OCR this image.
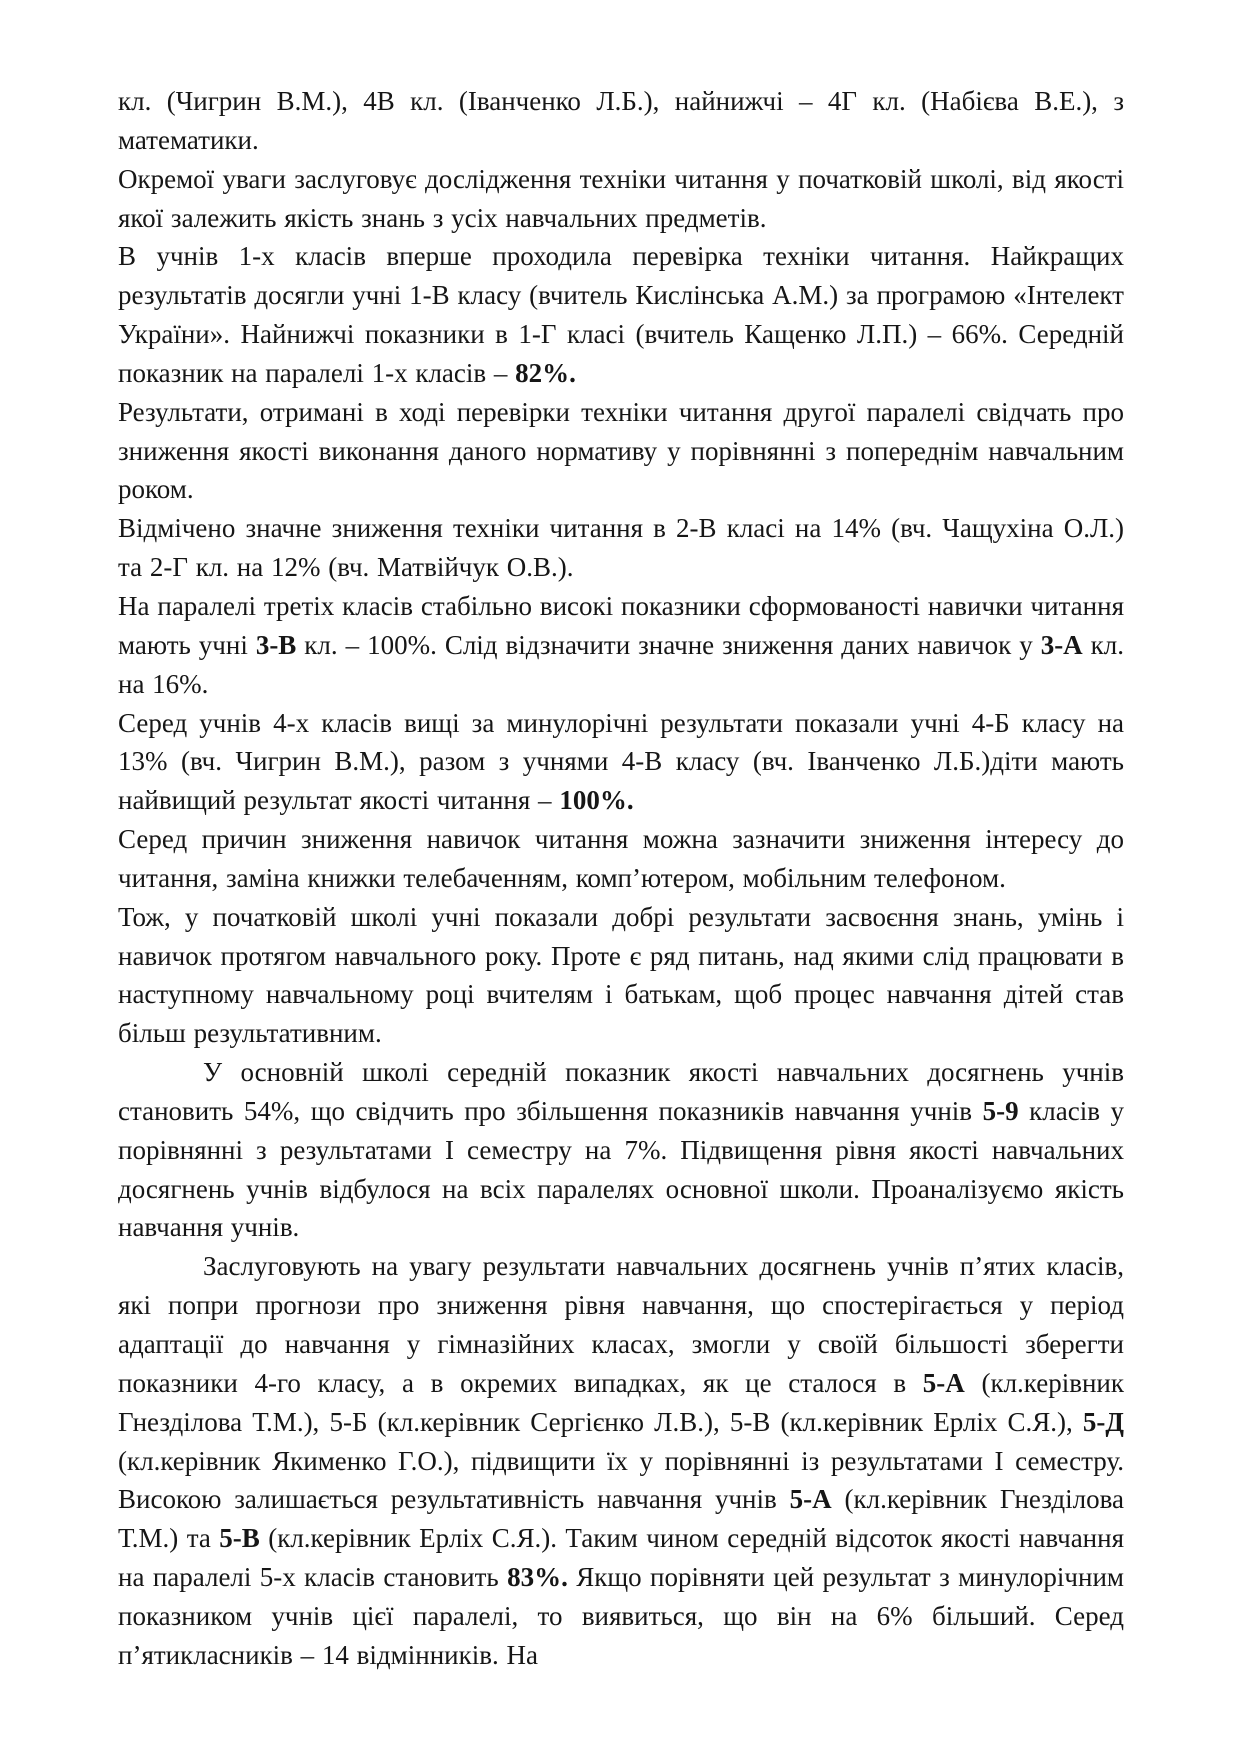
кл. (Чигрин В.М.), 4В кл. (Іванченко Л.Б.), найнижчі – 4Г кл. (Набієва В.Е.), з математики.

Окремої уваги заслуговує дослідження техніки читання у початковій школі, від якості якої залежить якість знань з усіх навчальних предметів.

В учнів 1-х класів вперше проходила перевірка техніки читання. Найкращих результатів досягли учні 1-В класу (вчитель Кислінська А.М.) за програмою «Інтелект України». Найнижчі показники в 1-Г класі (вчитель Кащенко Л.П.) – 66%. Середній показник на паралелі 1-х класів – 82%.

Результати, отримані в ході перевірки техніки читання другої паралелі свідчать про зниження якості виконання даного нормативу у порівнянні з попереднім навчальним роком.

Відмічено значне зниження техніки читання в 2-В класі на 14% (вч. Чащухіна О.Л.) та 2-Г кл. на 12% (вч. Матвійчук О.В.).

На паралелі третіх класів стабільно високі показники сформованості навички читання мають учні 3-В кл. – 100%. Слід відзначити значне зниження даних навичок у 3-А кл. на 16%.

Серед учнів 4-х класів вищі за минулорічні результати показали учні 4-Б класу на 13% (вч. Чигрин В.М.), разом з учнями 4-В класу (вч. Іванченко Л.Б.)діти мають найвищий результат якості читання – 100%.

Серед причин зниження навичок читання можна зазначити зниження інтересу до читання, заміна книжки телебаченням, комп’ютером, мобільним телефоном.

Тож, у початковій школі учні показали добрі результати засвоєння знань, умінь і навичок протягом навчального року. Проте є ряд питань, над якими слід працювати в наступному навчальному році вчителям і батькам, щоб процес навчання дітей став більш результативним.

У основній школі середній показник якості навчальних досягнень учнів становить 54%, що свідчить про збільшення показників навчання учнів 5-9 класів у порівнянні з результатами І семестру на 7%. Підвищення рівня якості навчальних досягнень учнів відбулося на всіх паралелях основної школи. Проаналізуємо якість навчання учнів.

Заслуговують на увагу результати навчальних досягнень учнів п’ятих класів, які попри прогнози про зниження рівня навчання, що спостерігається у період адаптації до навчання у гімназійних класах, змогли у своїй більшості зберегти показники 4-го класу, а в окремих випадках, як це сталося в 5-А (кл.керівник Гнезділова Т.М.), 5-Б (кл.керівник Сергієнко Л.В.), 5-В (кл.керівник Ерліх С.Я.), 5-Д (кл.керівник Якименко Г.О.), підвищити їх у порівнянні із результатами І семестру. Високою залишається результативність навчання учнів 5-А (кл.керівник Гнезділова Т.М.) та 5-В (кл.керівник Ерліх С.Я.). Таким чином середній відсоток якості навчання на паралелі 5-х класів становить 83%. Якщо порівняти цей результат з минулорічним показником учнів цієї паралелі, то виявиться, що він на 6% більший. Серед п’ятикласників – 14 відмінників. На
